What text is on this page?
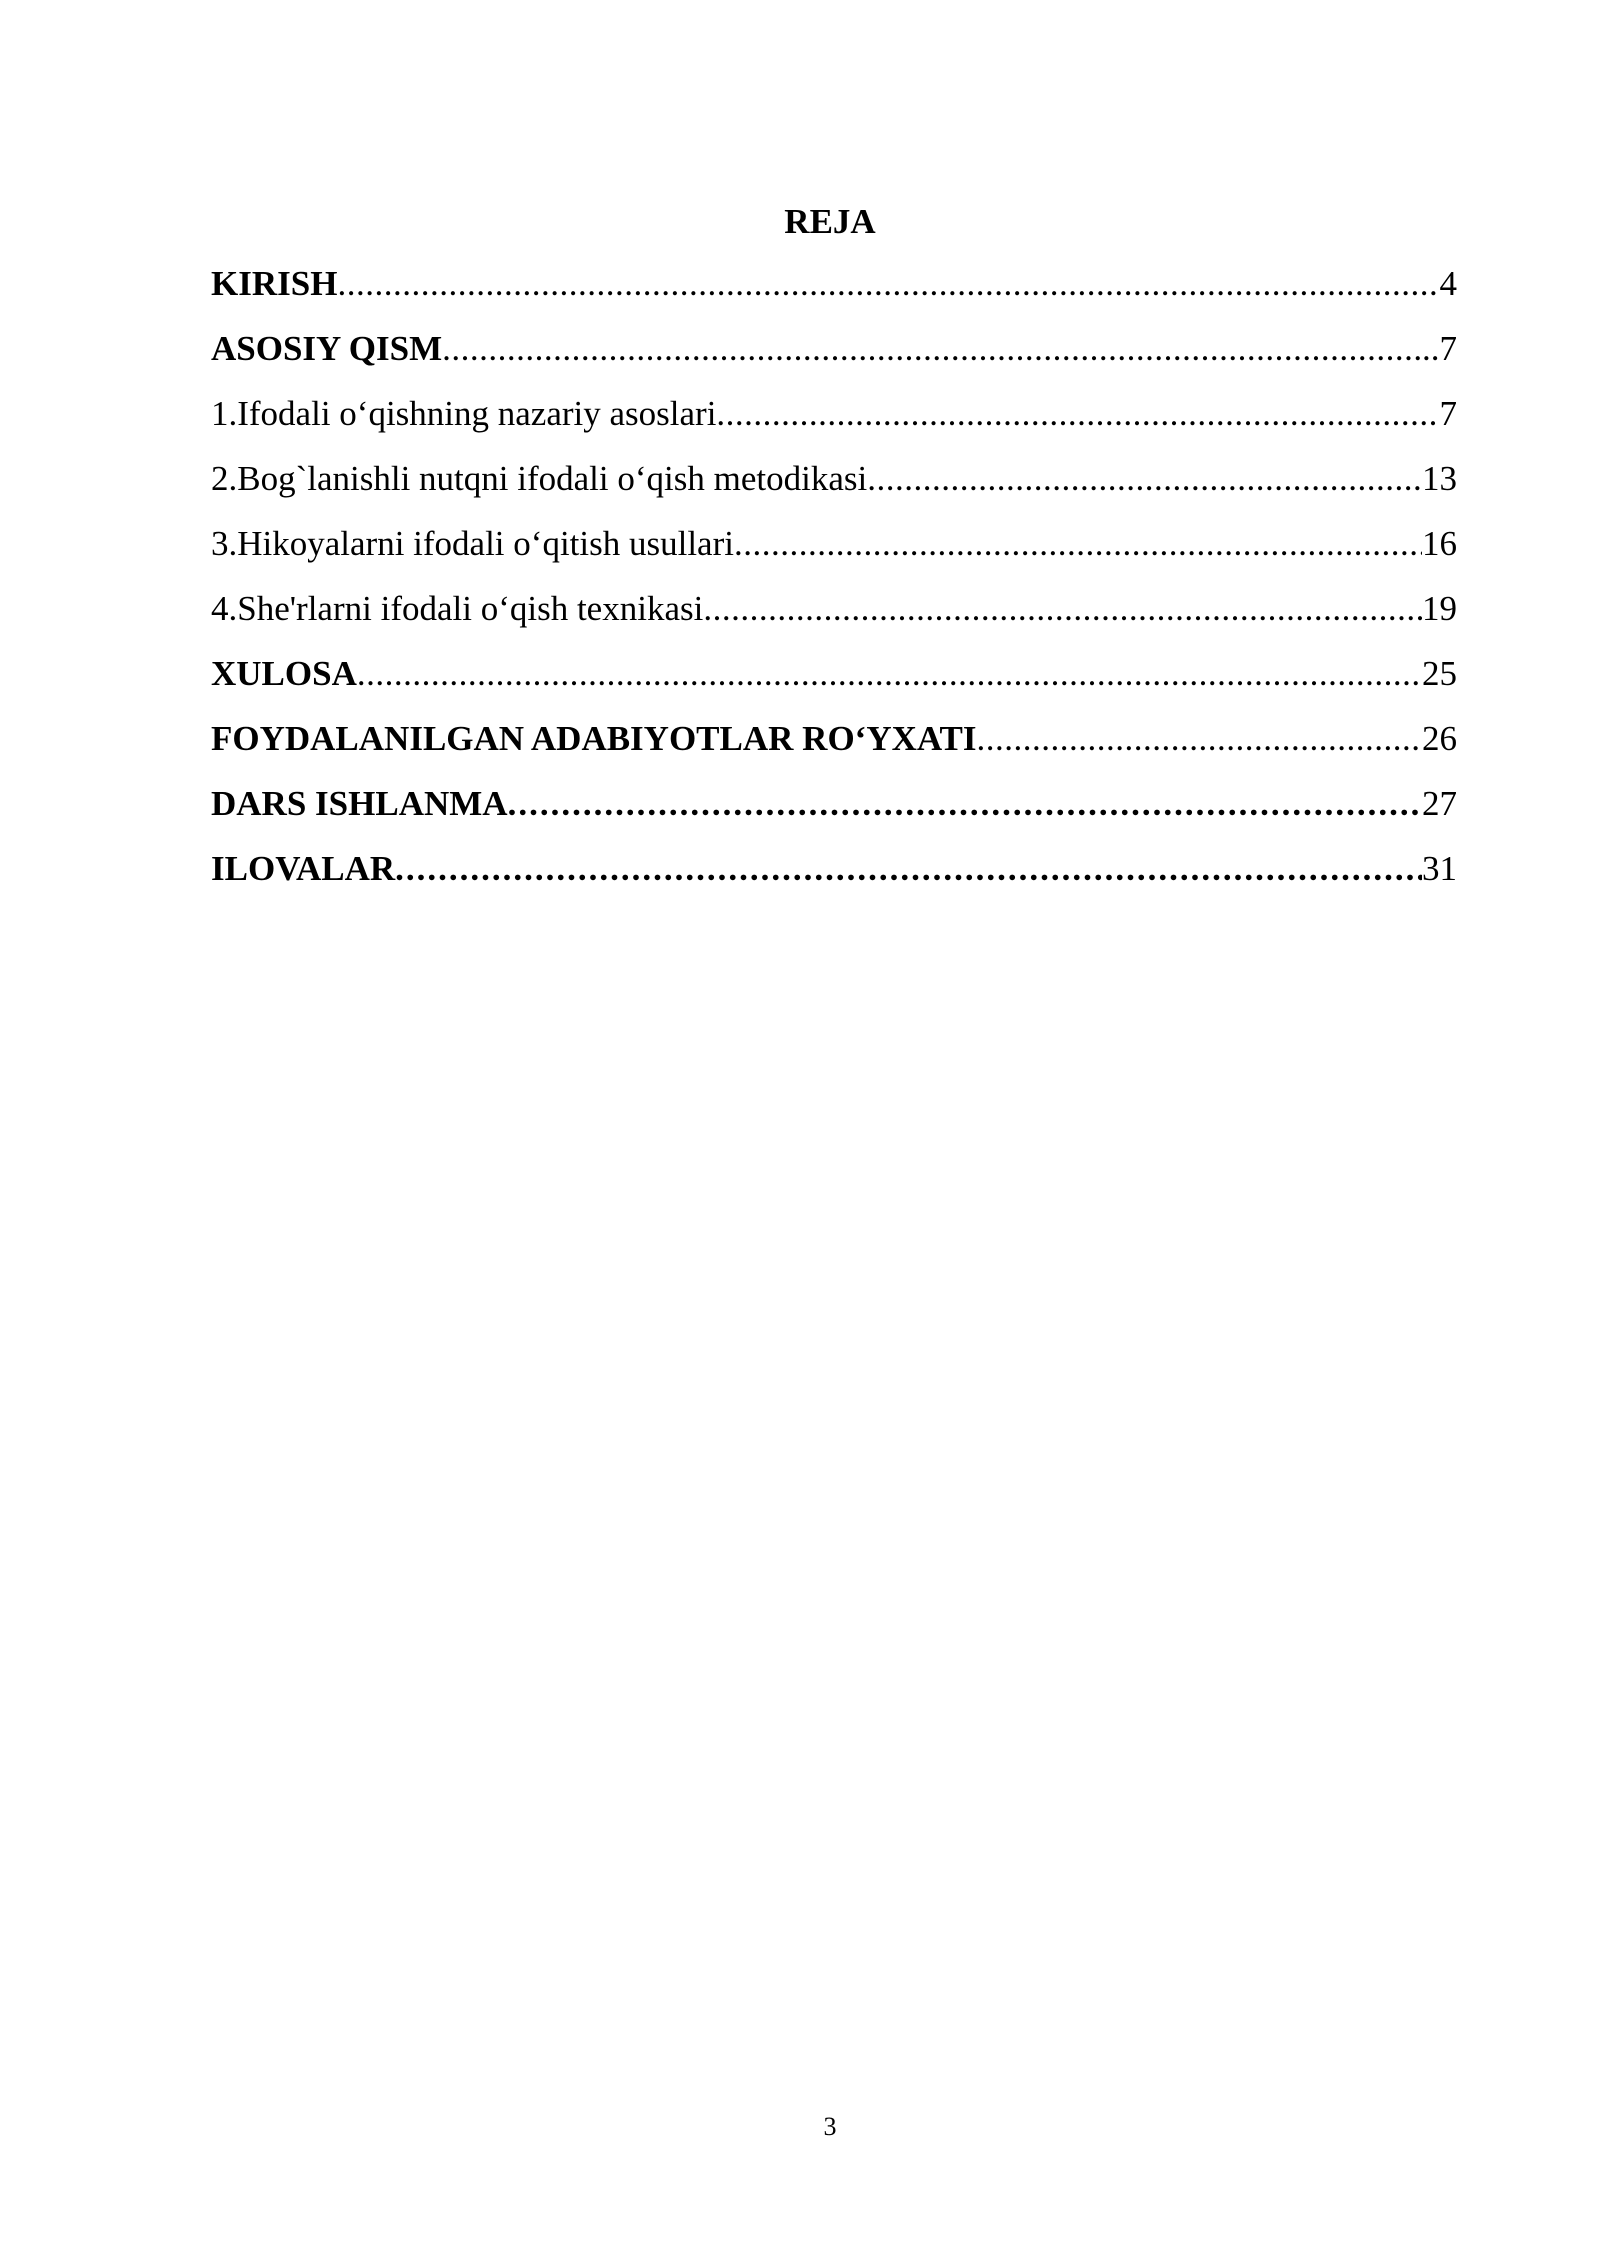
REJA
KIRISH .....	4
ASOSIY QISM .....	..7
1.Ifodali o‘qishning nazariy asoslari .....	7
2.Bog`lanishli nutqni ifodali o‘qish metodikasi .....	13
3.Hikoyalarni ifodali o‘qitish usullari .....	16
4.She'rlarni ifodali o‘qish texnikasi .....	19
XULOSA .....	25
FOYDALANILGAN ADABIYOTLAR RO‘YXATI .....	26
DARS ISHLANMA .....	27
ILOVALAR .....	31
3
